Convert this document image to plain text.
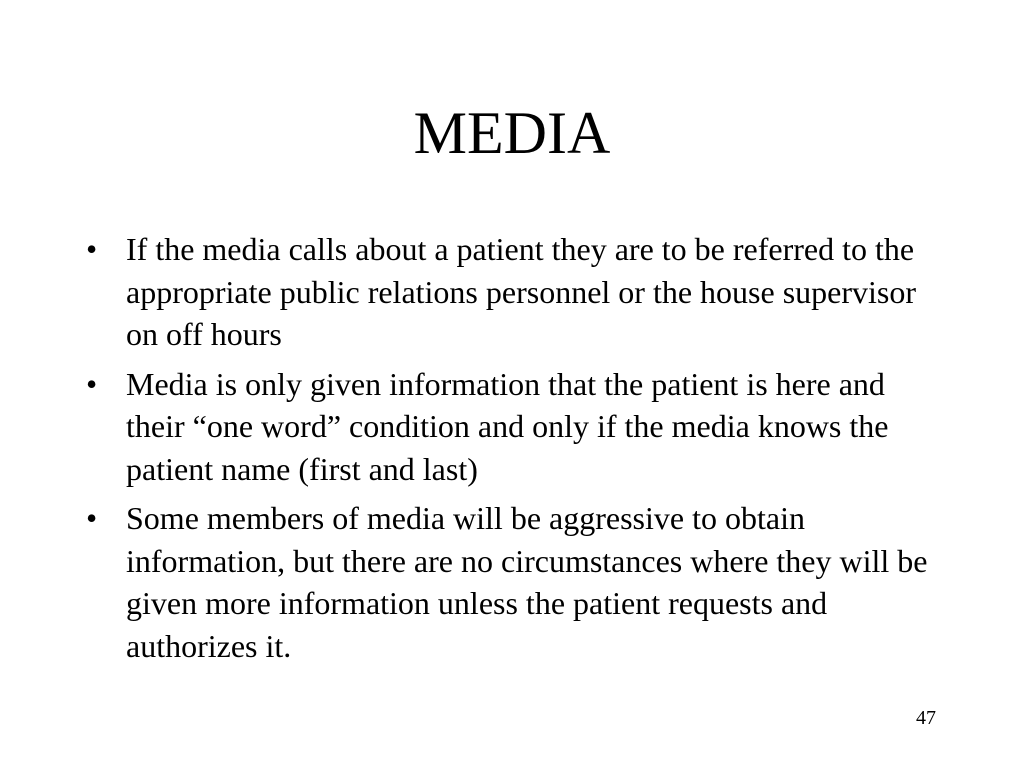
MEDIA
• If the media calls about a patient they are to be referred to the appropriate public relations personnel or the house supervisor on off hours
• Media is only given information that the patient is here and their “one word” condition and only if the media knows the patient name (first and last)
• Some members of media will be aggressive to obtain information, but there are no circumstances where they will be given more information unless the patient requests and authorizes it.
47
